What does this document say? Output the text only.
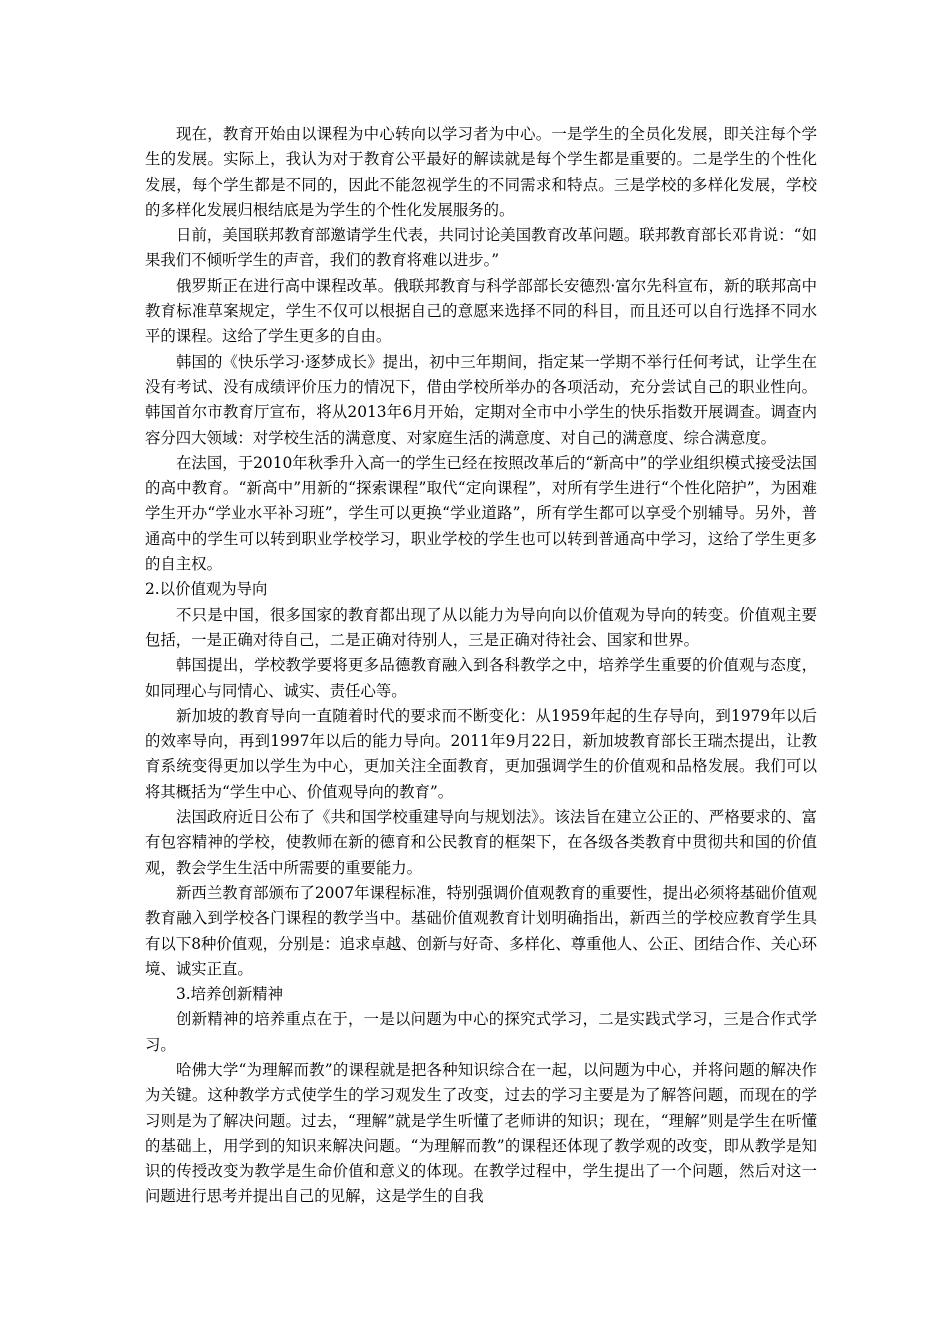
现在，教育开始由以课程为中心转向以学习者为中心。一是学生的全员化发展，即关注每个学生的发展。实际上，我认为对于教育公平最好的解读就是每个学生都是重要的。二是学生的个性化发展，每个学生都是不同的，因此不能忽视学生的不同需求和特点。三是学校的多样化发展，学校的多样化发展归根结底是为学生的个性化发展服务的。

日前，美国联邦教育部邀请学生代表，共同讨论美国教育改革问题。联邦教育部长邓肯说：“如果我们不倾听学生的声音，我们的教育将难以进步。”

俄罗斯正在进行高中课程改革。俄联邦教育与科学部部长安德烈·富尔先科宣布，新的联邦高中教育标准草案规定，学生不仅可以根据自己的意愿来选择不同的科目，而且还可以自行选择不同水平的课程。这给了学生更多的自由。

韩国的《快乐学习·逐梦成长》提出，初中三年期间，指定某一学期不举行任何考试，让学生在没有考试、没有成绩评价压力的情况下，借由学校所举办的各项活动，充分尝试自己的职业性向。韩国首尔市教育厅宣布，将从2013年6月开始，定期对全市中小学生的快乐指数开展调查。调查内容分四大领域：对学校生活的满意度、对家庭生活的满意度、对自己的满意度、综合满意度。

在法国，于2010年秋季升入高一的学生已经在按照改革后的“新高中”的学业组织模式接受法国的高中教育。“新高中”用新的“探索课程”取代“定向课程”，对所有学生进行“个性化陪护”，为困难学生开办“学业水平补习班”，学生可以更换“学业道路”，所有学生都可以享受个别辅导。另外，普通高中的学生可以转到职业学校学习，职业学校的学生也可以转到普通高中学习，这给了学生更多的自主权。

2.以价值观为导向

不只是中国，很多国家的教育都出现了从以能力为导向向以价值观为导向的转变。价值观主要包括，一是正确对待自己，二是正确对待别人，三是正确对待社会、国家和世界。

韩国提出，学校教学要将更多品德教育融入到各科教学之中，培养学生重要的价值观与态度，如同理心与同情心、诚实、责任心等。

新加坡的教育导向一直随着时代的要求而不断变化：从1959年起的生存导向，到1979年以后的效率导向，再到1997年以后的能力导向。2011年9月22日，新加坡教育部长王瑞杰提出，让教育系统变得更加以学生为中心，更加关注全面教育，更加强调学生的价值观和品格发展。我们可以将其概括为“学生中心、价值观导向的教育”。

法国政府近日公布了《共和国学校重建导向与规划法》。该法旨在建立公正的、严格要求的、富有包容精神的学校，使教师在新的德育和公民教育的框架下，在各级各类教育中贯彻共和国的价值观，教会学生生活中所需要的重要能力。

新西兰教育部颁布了2007年课程标准，特别强调价值观教育的重要性，提出必须将基础价值观教育融入到学校各门课程的教学当中。基础价值观教育计划明确指出，新西兰的学校应教育学生具有以下8种价值观，分别是：追求卓越、创新与好奇、多样化、尊重他人、公正、团结合作、关心环境、诚实正直。

3.培养创新精神

创新精神的培养重点在于，一是以问题为中心的探究式学习，二是实践式学习，三是合作式学习。

哈佛大学“为理解而教”的课程就是把各种知识综合在一起，以问题为中心，并将问题的解决作为关键。这种教学方式使学生的学习观发生了改变，过去的学习主要是为了解答问题，而现在的学习则是为了解决问题。过去，“理解”就是学生听懂了老师讲的知识；现在，“理解”则是学生在听懂的基础上，用学到的知识来解决问题。“为理解而教”的课程还体现了教学观的改变，即从教学是知识的传授改变为教学是生命价值和意义的体现。在教学过程中，学生提出了一个问题，然后对这一问题进行思考并提出自己的见解，这是学生的自我
